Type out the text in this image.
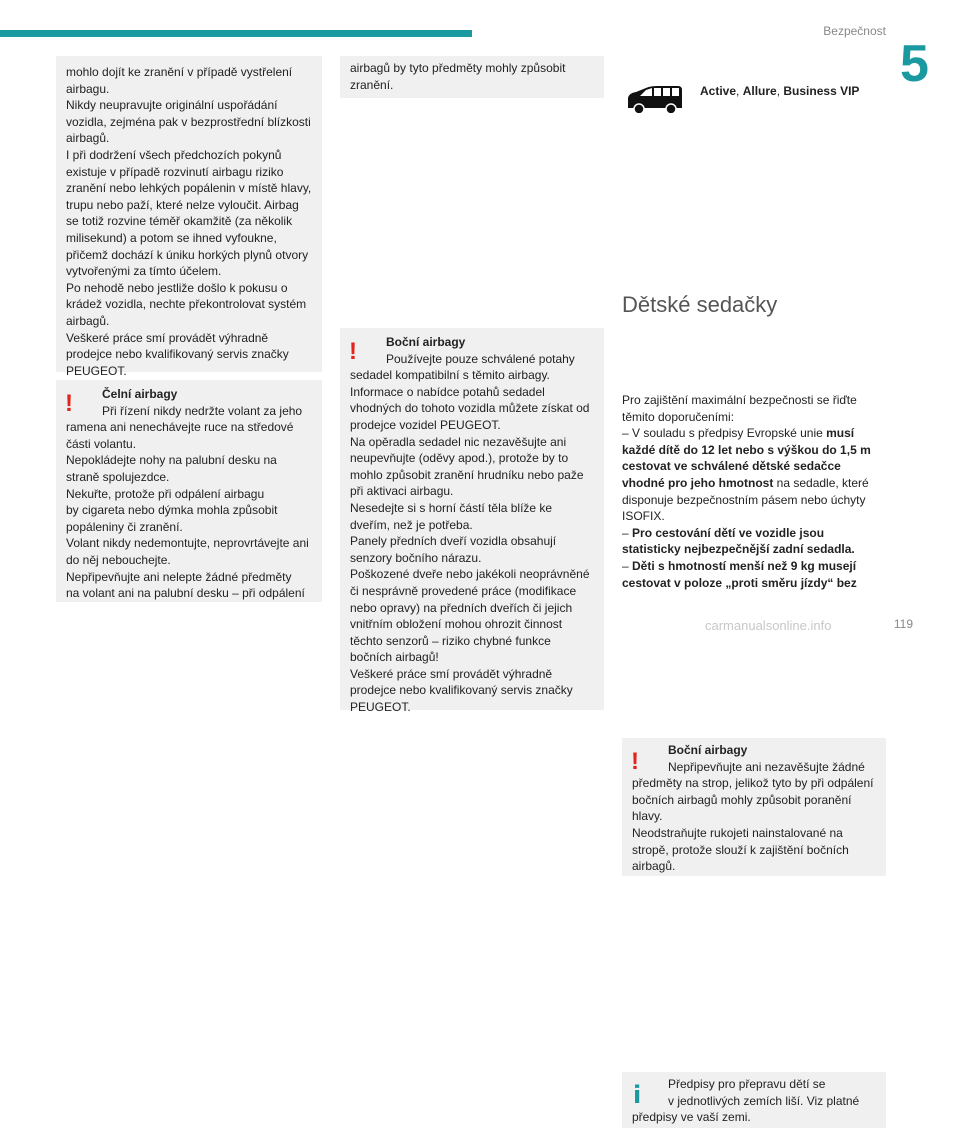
Bezpečnost
5

mohlo dojít ke zranění v případě vystřelení

airbagu.

Nikdy neupravujte originální uspořádání

vozidla, zejména pak v bezprostřední blízkosti

airbagů.

I při dodržení všech předchozích pokynů

existuje v případě rozvinutí airbagu riziko

zranění nebo lehkých popálenin v místě hlavy,

trupu nebo paží, které nelze vyloučit. Airbag

se totiž rozvine téměř okamžitě (za několik

milisekund) a potom se ihned vyfoukne,

přičemž dochází k úniku horkých plynů otvory

vytvořenými za tímto účelem.

Po nehodě nebo jestliže došlo k pokusu o

krádež vozidla, nechte překontrolovat systém

airbagů.

Veškeré práce smí provádět výhradně

prodejce nebo kvalifikovaný servis značky

PEUGEOT.

!	Čelní airbagy
Při řízení nikdy nedržte volant za jeho

ramena ani nenechávejte ruce na středové

části volantu.

Nepokládejte nohy na palubní desku na

straně spolujezdce.

Nekuřte, protože při odpálení airbagu

by cigareta nebo dýmka mohla způsobit

popáleniny či zranění.

Volant nikdy nedemontujte, neprovrtávejte ani

do něj nebouchejte.

Nepřipevňujte ani nelepte žádné předměty

na volant ani na palubní desku – při odpálení

airbagů by tyto předměty mohly způsobit

zranění.

!	Boční airbagy
Používejte pouze schválené potahy

sedadel kompatibilní s těmito airbagy.

Informace o nabídce potahů sedadel

vhodných do tohoto vozidla můžete získat od

prodejce vozidel PEUGEOT.

Na opěradla sedadel nic nezavěšujte ani

neupevňujte (oděvy apod.), protože by to

mohlo způsobit zranění hrudníku nebo paže

při aktivaci airbagu.

Nesedejte si s horní částí těla blíže ke

dveřím, než je potřeba.

Panely předních dveří vozidla obsahují

senzory bočního nárazu.

Poškozené dveře nebo jakékoli neoprávněné

či nesprávně provedené práce (modifikace

nebo opravy) na předních dveřích či jejich

vnitřním obložení mohou ohrozit činnost

těchto senzorů – riziko chybné funkce

bočních airbagů!

Veškeré práce smí provádět výhradně

prodejce nebo kvalifikovaný servis značky

PEUGEOT.

Active, Allure, Business VIP
!	Boční airbagy
Nepřipevňujte ani nezavěšujte žádné

předměty na strop, jelikož tyto by při odpálení

bočních airbagů mohly způsobit poranění

hlavy.

Neodstraňujte rukojeti nainstalované na

stropě, protože slouží k zajištění bočních

airbagů.

Dětské sedačky
i	Předpisy pro přepravu dětí se
v jednotlivých zemích liší. Viz platné
předpisy ve vaší zemi.

Pro zajištění maximální bezpečnosti se řiďte

těmito doporučeními:

– V souladu s předpisy Evropské unie musí

každé dítě do 12 let nebo s výškou do 1,5 m

cestovat ve schválené dětské sedačce

vhodné pro jeho hmotnost na sedadle, které

disponuje bezpečnostním pásem nebo úchyty

ISOFIX.

– Pro cestování dětí ve vozidle jsou

statisticky nejbezpečnější zadní sedadla.

– Děti s hmotností menší než 9 kg musejí

cestovat v poloze „proti směru jízdy“ bez

carmanualsonline.info	119
